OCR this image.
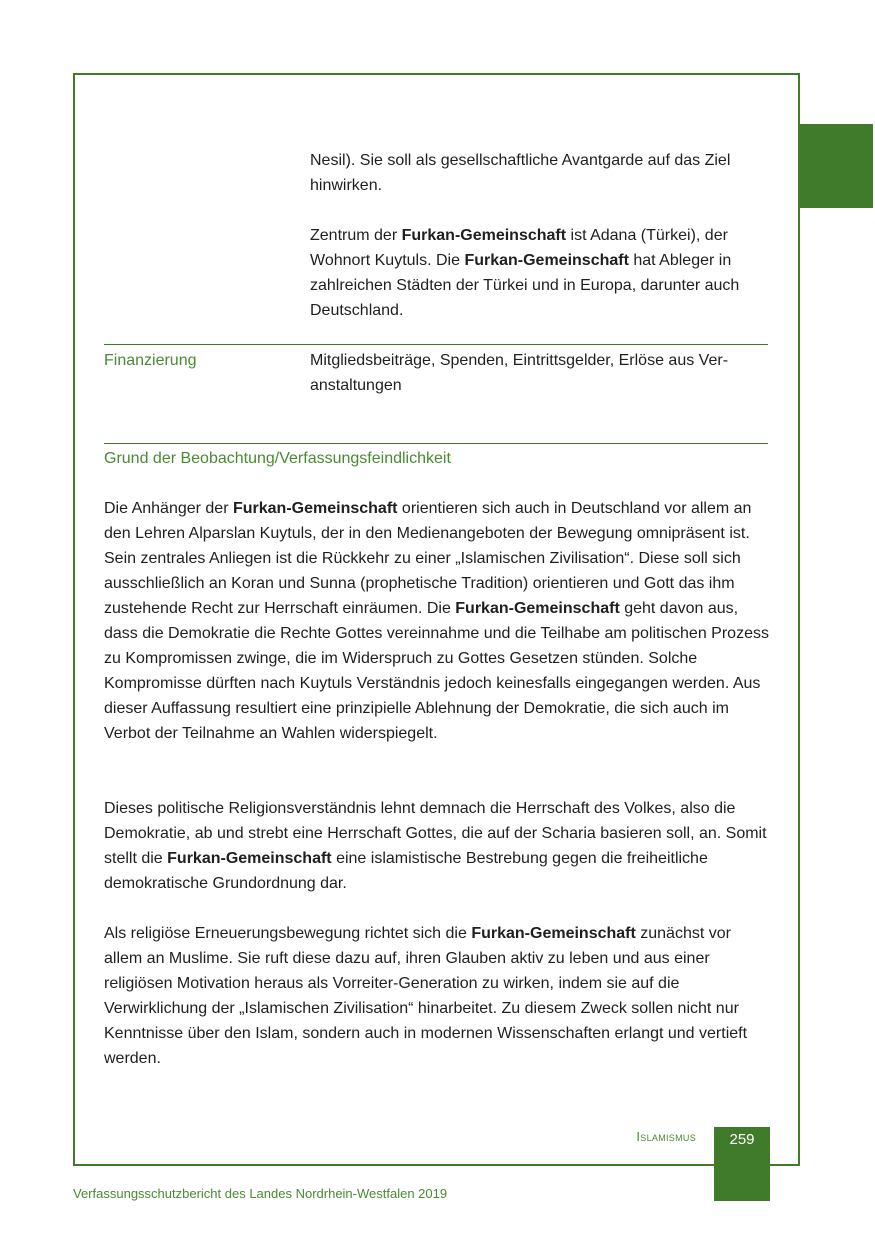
Nesil). Sie soll als gesellschaftliche Avantgarde auf das Ziel hinwirken.

Zentrum der Furkan-Gemeinschaft ist Adana (Türkei), der Wohnort Kuytuls. Die Furkan-Gemeinschaft hat Ableger in zahlreichen Städten der Türkei und in Europa, darunter auch Deutschland.

Finanzierung	Mitgliedsbeiträge, Spenden, Eintrittsgelder, Erlöse aus Veranstaltungen

Grund der Beobachtung/Verfassungsfeindlichkeit

Die Anhänger der Furkan-Gemeinschaft orientieren sich auch in Deutschland vor allem an den Lehren Alparslan Kuytuls, der in den Medienangeboten der Bewegung omnipräsent ist. Sein zentrales Anliegen ist die Rückkehr zu einer „Islamischen Zivilisation“. Diese soll sich ausschließlich an Koran und Sunna (prophetische Tradition) orientieren und Gott das ihm zustehende Recht zur Herrschaft einräumen. Die Furkan-Gemeinschaft geht davon aus, dass die Demokratie die Rechte Gottes vereinnahme und die Teilhabe am politischen Prozess zu Kompromissen zwinge, die im Widerspruch zu Gottes Gesetzen stünden. Solche Kompromisse dürften nach Kuytuls Verständnis jedoch keinesfalls eingegangen werden. Aus dieser Auffassung resultiert eine prinzipielle Ablehnung der Demokratie, die sich auch im Verbot der Teilnahme an Wahlen widerspiegelt.

Dieses politische Religionsverständnis lehnt demnach die Herrschaft des Volkes, also die Demokratie, ab und strebt eine Herrschaft Gottes, die auf der Scharia basieren soll, an. Somit stellt die Furkan-Gemeinschaft eine islamistische Bestrebung gegen die freiheitliche demokratische Grundordnung dar.

Als religiöse Erneuerungsbewegung richtet sich die Furkan-Gemeinschaft zunächst vor allem an Muslime. Sie ruft diese dazu auf, ihren Glauben aktiv zu leben und aus einer religiösen Motivation heraus als Vorreiter-Generation zu wirken, indem sie auf die Verwirklichung der „Islamischen Zivilisation“ hinarbeitet. Zu diesem Zweck sollen nicht nur Kenntnisse über den Islam, sondern auch in modernen Wissenschaften erlangt und vertieft werden.

Islamismus	259
Verfassungsschutzbericht des Landes Nordrhein-Westfalen 2019
